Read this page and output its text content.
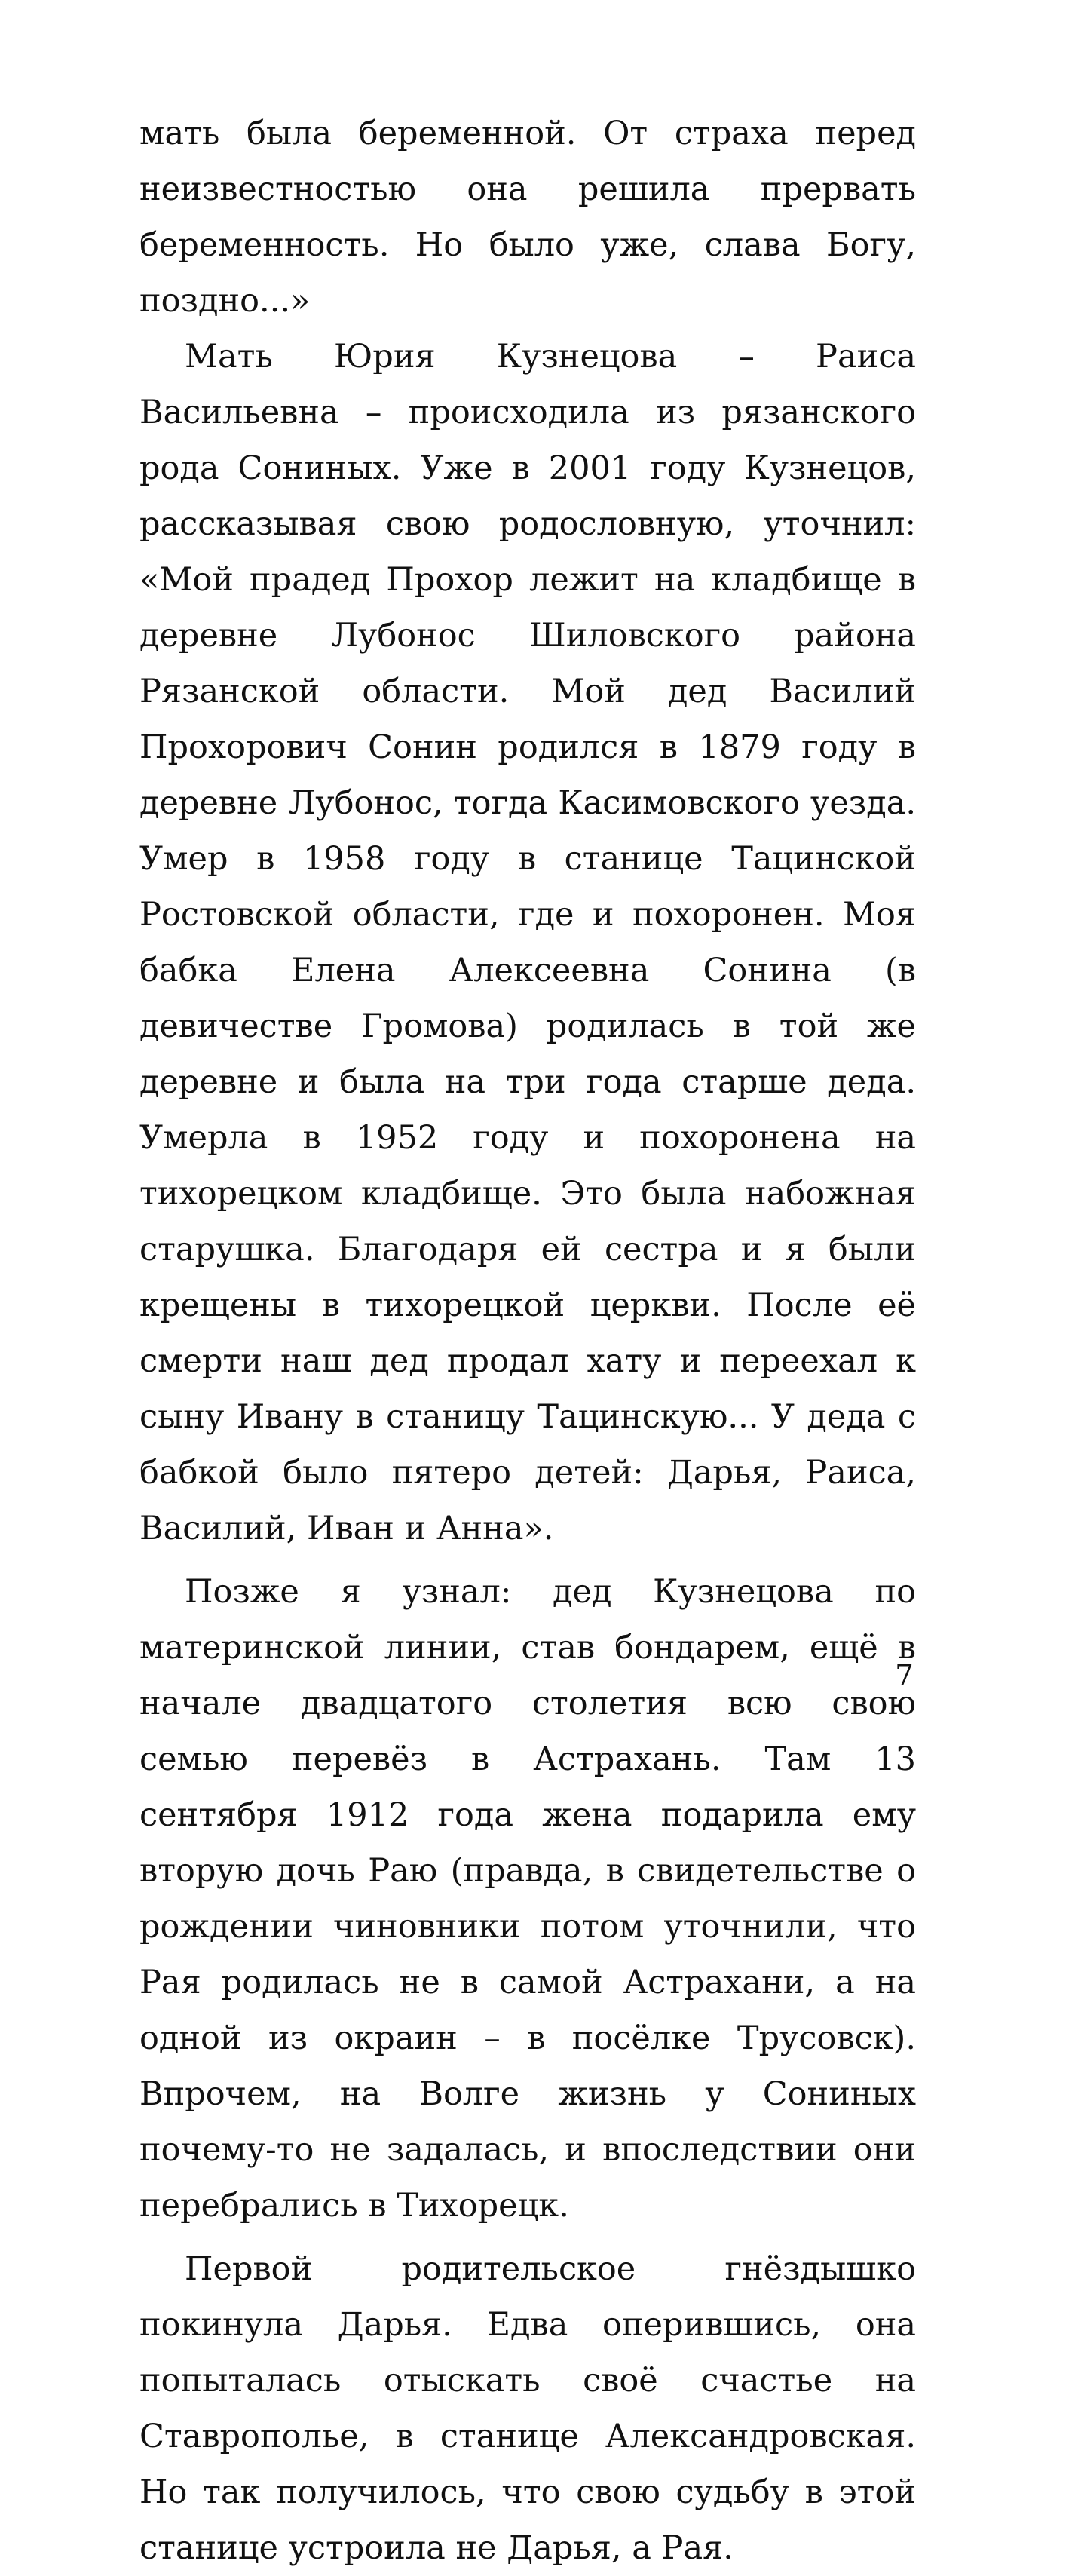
мать была беременной. От страха перед неизвестностью она решила прервать беременность. Но было уже, слава Богу, поздно...»

Мать Юрия Кузнецова – Раиса Васильевна – происходила из рязанского рода Сониных. Уже в 2001 году Кузнецов, рассказывая свою родословную, уточнил: «Мой прадед Прохор лежит на кладбище в деревне Лубонос Шиловского района Рязанской области. Мой дед Василий Прохорович Сонин родился в 1879 году в деревне Лубонос, тогда Касимовского уезда. Умер в 1958 году в станице Тацинской Ростовской области, где и похоронен. Моя бабка Елена Алексеевна Сонина (в девичестве Громова) родилась в той же деревне и была на три года старше деда. Умерла в 1952 году и похоронена на тихорецком кладбище. Это была набожная старушка. Благодаря ей сестра и я были крещены в тихорецкой церкви. После её смерти наш дед продал хату и переехал к сыну Ивану в станицу Тацинскую... У деда с бабкой было пятеро детей: Дарья, Раиса, Василий, Иван и Анна».

Позже я узнал: дед Кузнецова по материнской линии, став бондарем, ещё в начале двадцатого столетия всю свою семью перевёз в Астрахань. Там 13 сентября 1912 года жена подарила ему вторую дочь Раю (правда, в свидетельстве о рождении чиновники потом уточнили, что Рая родилась не в самой Астрахани, а на одной из окраин – в посёлке Трусовск). Впрочем, на Волге жизнь у Сониных почему-то не задалась, и впоследствии они перебрались в Тихорецк.

Первой родительское гнёздышко покинула Дарья. Едва оперившись, она попыталась отыскать своё счастье на Ставрополье, в станице Александровская. Но так получилось, что свою судьбу в этой станице устроила не Дарья, а Рая.

7
